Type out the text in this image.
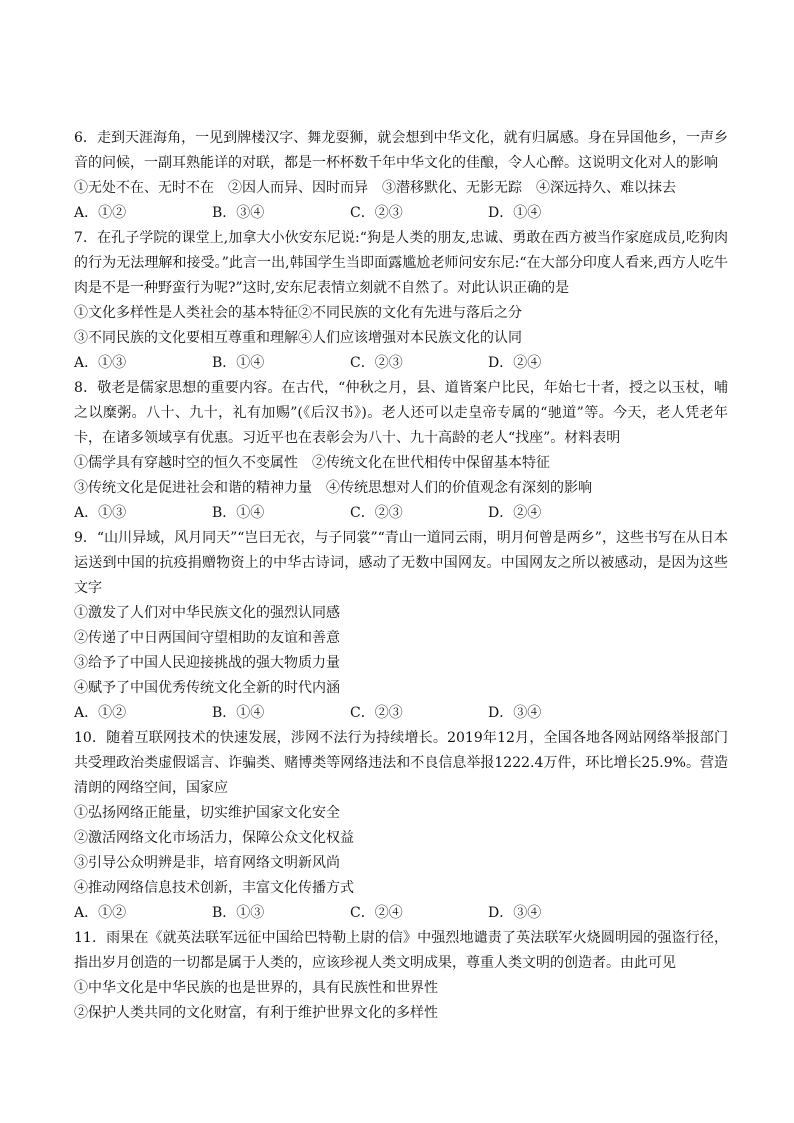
6．走到天涯海角，一见到牌楼汉字、舞龙耍狮，就会想到中华文化，就有归属感。身在异国他乡，一声乡音的问候，一副耳熟能详的对联，都是一杯杯数千年中华文化的佳酿，令人心醉。这说明文化对人的影响

①无处不在、无时不在　②因人而异、因时而异　③潜移默化、无影无踪　④深远持久、难以抹去

A．①②	B．③④	C．②③	D．①④

7．在孔子学院的课堂上,加拿大小伙安东尼说:“狗是人类的朋友,忠诚、勇敢在西方被当作家庭成员,吃狗肉的行为无法理解和接受。”此言一出,韩国学生当即面露尴尬老师问安东尼:“在大部分印度人看来,西方人吃牛肉是不是一种野蛮行为呢?”这时,安东尼表情立刻就不自然了。对此认识正确的是

①文化多样性是人类社会的基本特征②不同民族的文化有先进与落后之分

③不同民族的文化要相互尊重和理解④人们应该增强对本民族文化的认同

A．①③	B．①④	C．②③	D．②④

8．敬老是儒家思想的重要内容。在古代，“仲秋之月，县、道皆案户比民，年始七十者，授之以玉杖，哺之以糜粥。八十、九十，礼有加赐”(《后汉书》)。老人还可以走皇帝专属的“驰道”等。今天，老人凭老年卡，在诸多领域享有优惠。习近平也在表彰会为八十、九十高龄的老人“找座”。材料表明

①儒学具有穿越时空的恒久不变属性　②传统文化在世代相传中保留基本特征

③传统文化是促进社会和谐的精神力量　④传统思想对人们的价值观念有深刻的影响

A．①③	B．①④	C．②③	D．②④

9．“山川异域，风月同天”“岂曰无衣，与子同裳”“青山一道同云雨，明月何曾是两乡”，这些书写在从日本运送到中国的抗疫捐赠物资上的中华古诗词，感动了无数中国网友。中国网友之所以被感动，是因为这些文字

①激发了人们对中华民族文化的强烈认同感

②传递了中日两国间守望相助的友谊和善意

③给予了中国人民迎接挑战的强大物质力量

④赋予了中国优秀传统文化全新的时代内涵

A．①②	B．①④	C．②③	D．③④

10．随着互联网技术的快速发展，涉网不法行为持续增长。2019年12月，全国各地各网站网络举报部门共受理政治类虚假谣言、诈骗类、赌博类等网络违法和不良信息举报1222.4万件，环比增长25.9%。营造清朗的网络空间，国家应

①弘扬网络正能量，切实维护国家文化安全

②激活网络文化市场活力，保障公众文化权益

③引导公众明辨是非，培育网络文明新风尚

④推动网络信息技术创新，丰富文化传播方式

A．①②	B．①③	C．②④	D．③④

11．雨果在《就英法联军远征中国给巴特勒上尉的信》中强烈地谴责了英法联军火烧圆明园的强盗行径，指出岁月创造的一切都是属于人类的，应该珍视人类文明成果，尊重人类文明的创造者。由此可见

①中华文化是中华民族的也是世界的，具有民族性和世界性

②保护人类共同的文化财富，有利于维护世界文化的多样性
